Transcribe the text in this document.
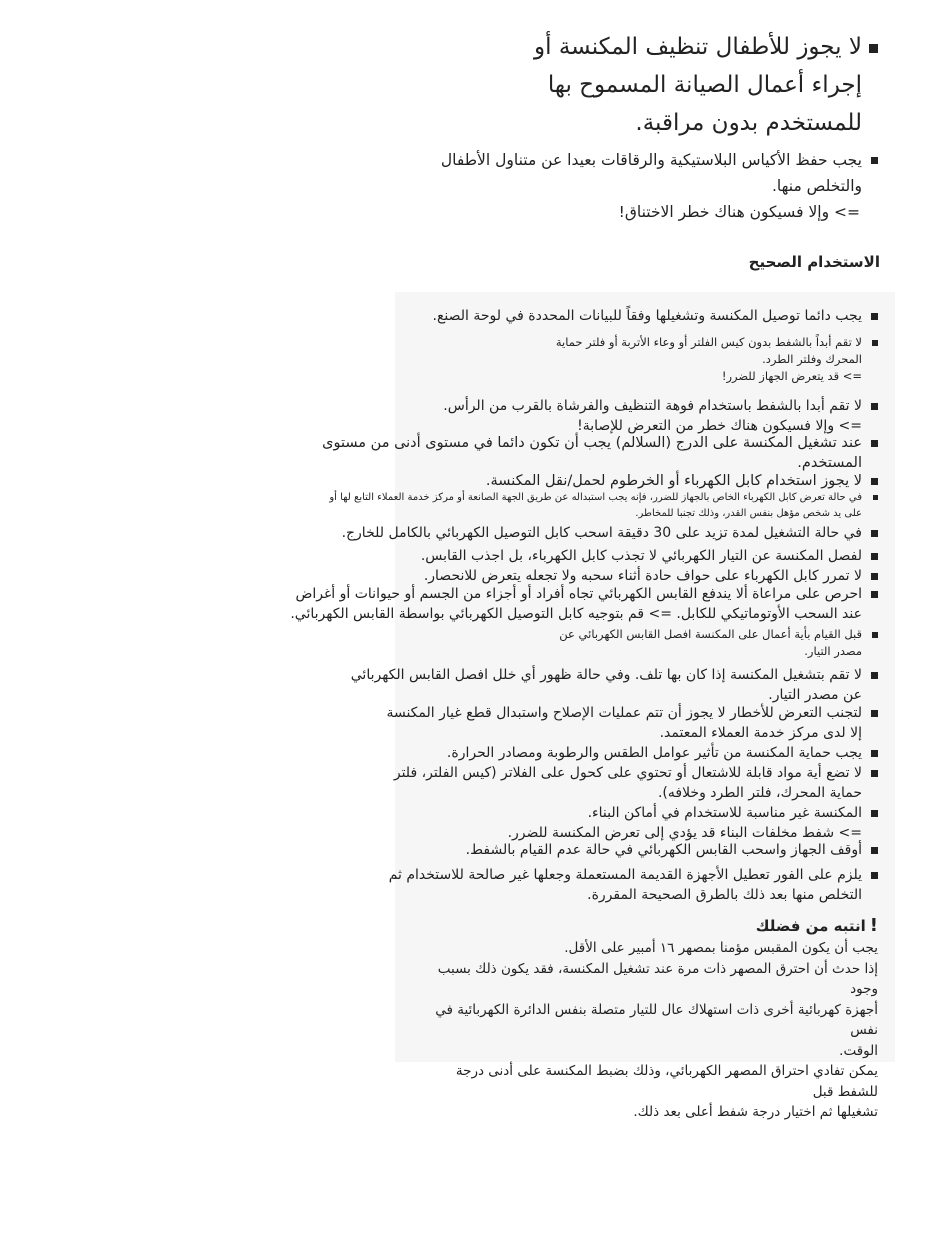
لا يجوز للأطفال تنظيف المكنسة أو
إجراء أعمال الصيانة المسموح بها
للمستخدم بدون مراقبة.
يجب حفظ الأكياس البلاستيكية والرقاقات بعيدا عن متناول الأطفال
والتخلص منها.
=> وإلا فسيكون هناك خطر الاختناق!
الاستخدام الصحيح
يجب دائما توصيل المكنسة وتشغيلها وفقاً للبيانات المحددة في لوحة الصنع.
لا تقم أبداً بالشفط بدون كيس الفلتر أو وعاء الأتربة أو فلتر حماية
المحرك وفلتر الطرد.
=> قد يتعرض الجهاز للضرر!
لا تقم أبدا بالشفط باستخدام فوهة التنظيف والفرشاة بالقرب من الرأس.
=> وإلا فسيكون هناك خطر من التعرض للإصابة!
عند تشغيل المكنسة على الدرج (السلالم) يجب أن تكون دائما في مستوى أدنى من مستوى
المستخدم.
لا يجوز استخدام كابل الكهرباء أو الخرطوم لحمل/نقل المكنسة.
في حالة تعرض كابل الكهرباء الخاص بالجهاز للضرر، فإنه يجب استبداله عن طريق الجهة الصانعة أو مركز خدمة العملاء التابع لها أو
على يد شخص مؤهل بنفس القدر، وذلك تجنبا للمخاطر.
في حالة التشغيل لمدة تزيد على 30 دقيقة اسحب كابل التوصيل الكهربائي بالكامل للخارج.
لفصل المكنسة عن التيار الكهربائي لا تجذب كابل الكهرباء، بل اجذب القابس.
لا تمرر كابل الكهرباء على حواف حادة أثناء سحبه ولا تجعله يتعرض للانحصار.
احرص على مراعاة ألا يندفع القابس الكهربائي تجاه أفراد أو أجزاء من الجسم أو حيوانات أو أغراض
عند السحب الأوتوماتيكي للكابل. => قم بتوجيه كابل التوصيل الكهربائي بواسطة القابس الكهربائي.
قبل القيام بأية أعمال على المكنسة افصل القابس الكهربائي عن
مصدر التيار.
لا تقم بتشغيل المكنسة إذا كان بها تلف. وفي حالة ظهور أي خلل افصل القابس الكهربائي
عن مصدر التيار.
لتجنب التعرض للأخطار لا يجوز أن تتم عمليات الإصلاح واستبدال قطع غيار المكنسة
إلا لدى مركز خدمة العملاء المعتمد.
يجب حماية المكنسة من تأثير عوامل الطقس والرطوبة ومصادر الحرارة.
لا تضع أية مواد قابلة للاشتعال أو تحتوي على كحول على الفلاتر (كيس الفلتر، فلتر
حماية المحرك، فلتر الطرد وخلافه).
المكنسة غير مناسبة للاستخدام في أماكن البناء.
=> شفط مخلفات البناء قد يؤدي إلى تعرض المكنسة للضرر.
أوقف الجهاز واسحب القابس الكهربائي في حالة عدم القيام بالشفط.
يلزم على الفور تعطيل الأجهزة القديمة المستعملة وجعلها غير صالحة للاستخدام ثم
التخلص منها بعد ذلك بالطرق الصحيحة المقررة.
!انتبه من فضلك
يجب أن يكون المقبس مؤمنا بمصهر ١٦ أمبير على الأقل.
إذا حدث أن احترق المصهر ذات مرة عند تشغيل المكنسة، فقد يكون ذلك بسبب وجود
أجهزة كهربائية أخرى ذات استهلاك عال للتيار متصلة بنفس الدائرة الكهربائية في نفس
الوقت.
يمكن تفادي احتراق المصهر الكهربائي، وذلك بضبط المكنسة على أدنى درجة للشفط قبل
تشغيلها ثم اختيار درجة شفط أعلى بعد ذلك.
